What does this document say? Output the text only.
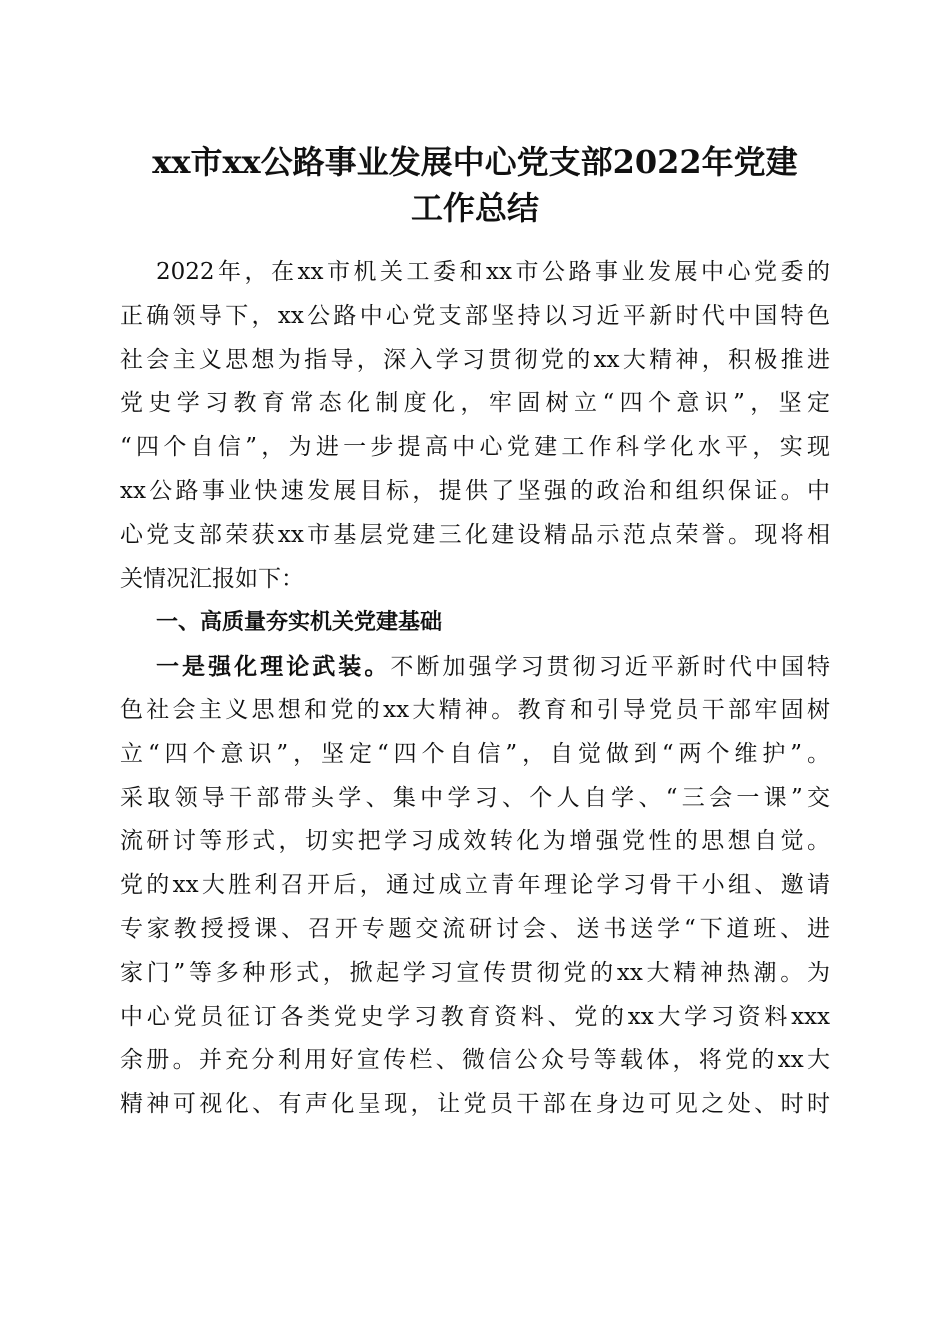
xx市xx公路事业发展中心党支部2022年党建
工作总结
2022年，在xx市机关工委和xx市公路事业发展中心党委的
正确领导下，xx公路中心党支部坚持以习近平新时代中国特色
社会主义思想为指导，深入学习贯彻党的xx大精神，积极推进
党史学习教育常态化制度化，牢固树立“四个意识”，坚定
“四个自信”，为进一步提高中心党建工作科学化水平，实现
xx公路事业快速发展目标，提供了坚强的政治和组织保证。中
心党支部荣获xx市基层党建三化建设精品示范点荣誉。现将相
关情况汇报如下：
一、高质量夯实机关党建基础
一是强化理论武装。不断加强学习贯彻习近平新时代中国特
色社会主义思想和党的xx大精神。教育和引导党员干部牢固树
立“四个意识”，坚定“四个自信”，自觉做到“两个维护”。
采取领导干部带头学、集中学习、个人自学、“三会一课”交
流研讨等形式，切实把学习成效转化为增强党性的思想自觉。
党的xx大胜利召开后，通过成立青年理论学习骨干小组、邀请
专家教授授课、召开专题交流研讨会、送书送学“下道班、进
家门”等多种形式，掀起学习宣传贯彻党的xx大精神热潮。为
中心党员征订各类党史学习教育资料、党的xx大学习资料xxx
余册。并充分利用好宣传栏、微信公众号等载体，将党的xx大
精神可视化、有声化呈现，让党员干部在身边可见之处、时时
